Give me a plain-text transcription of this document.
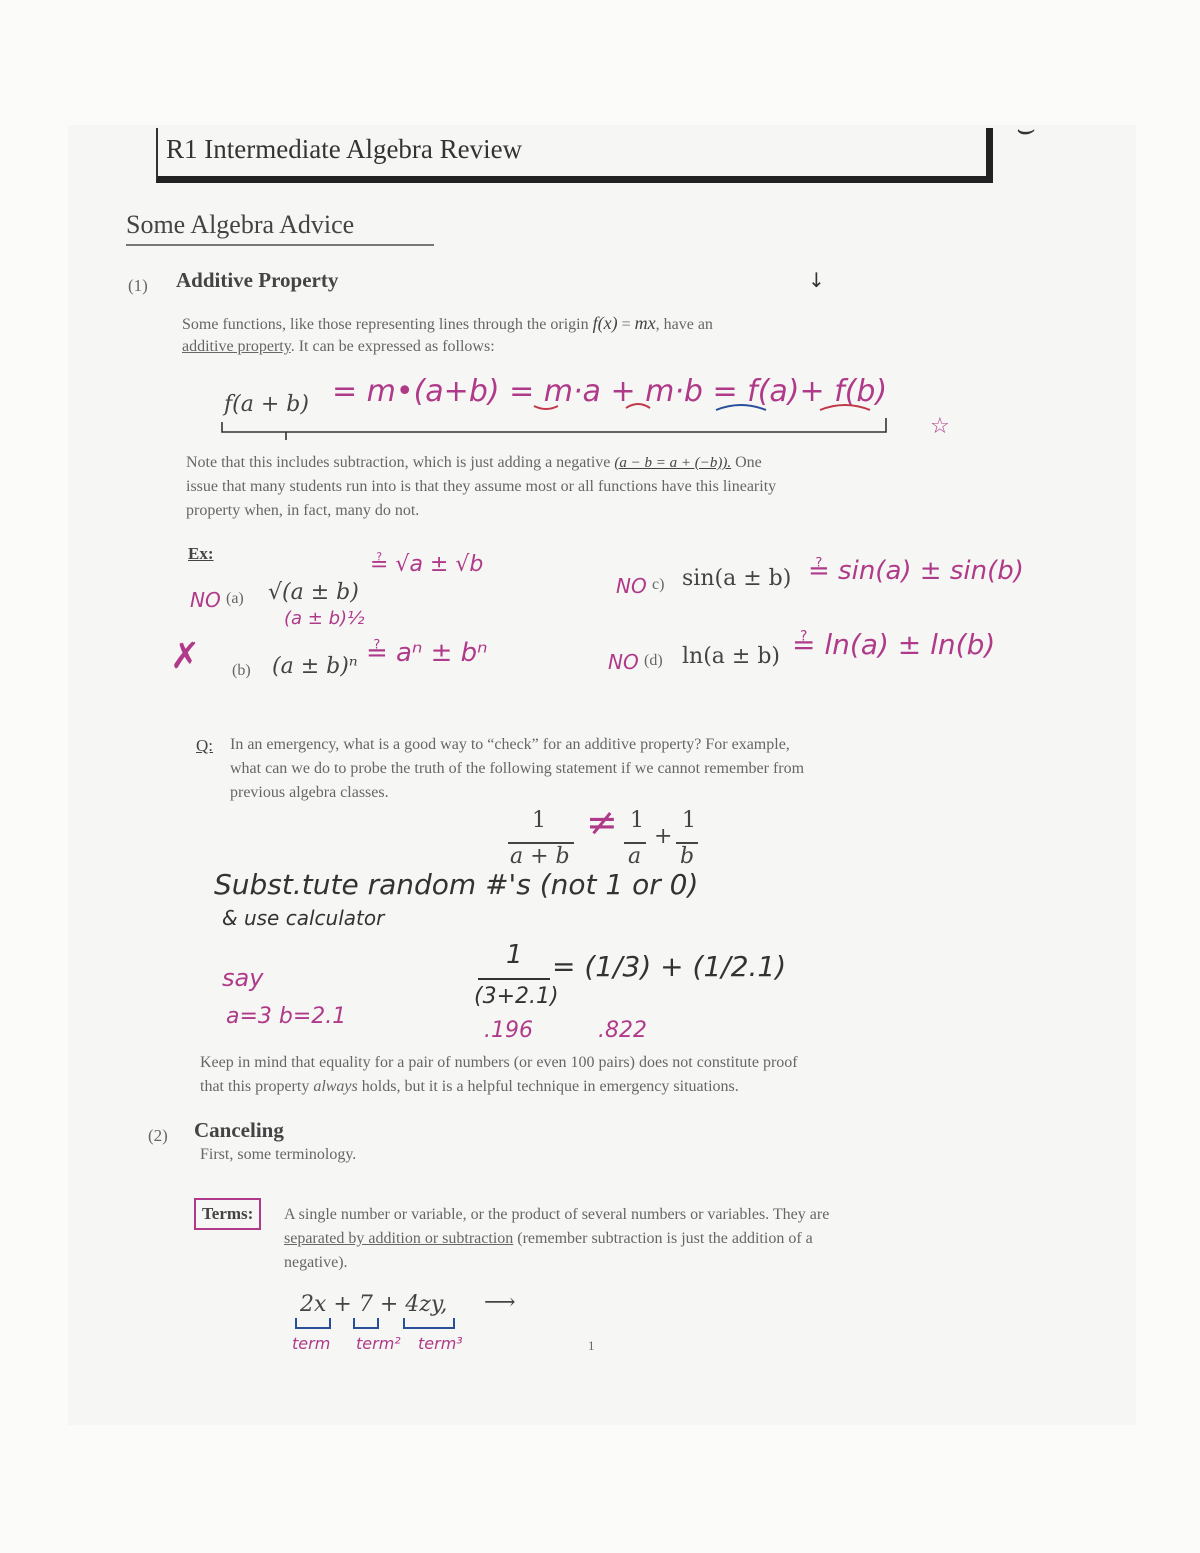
R1 Intermediate Algebra Review
⌣
Some Algebra Advice
(1) Additive Property	↓
Some functions, like those representing lines through the origin f(x) = mx, have an
additive property. It can be expressed as follows:
f(a + b) = m•(a+b) = m·a + m·b = f(a)+ f(b)
☆
Note that this includes subtraction, which is just adding a negative (a − b = a + (−b)). One
issue that many students run into is that they assume most or all functions have this linearity
property when, in fact, many do not.
Ex:
NO (a) √(a ± b)
≟ √a ± √b
(a ± b)½
✗ (b) (a ± b)ⁿ ≟ aⁿ ± bⁿ
NO c) sin(a ± b) ≟ sin(a) ± sin(b)
NO (d) ln(a ± b) ≟ ln(a) ± ln(b)
Q: In an emergency, what is a good way to “check” for an additive property? For example,
what can we do to probe the truth of the following statement if we cannot remember from
previous algebra classes.
1
a + b
≠ 1
a
+
1
b
Subst.tute random #'s (not 1 or 0)
& use calculator
say
a=3 b=2.1
1
(3+2.1)
= (1/3) + (1/2.1)
.196	.822
Keep in mind that equality for a pair of numbers (or even 100 pairs) does not constitute proof
that this property always holds, but it is a helpful technique in emergency situations.
(2) Canceling
First, some terminology.
Terms:	A single number or variable, or the product of several numbers or variables. They are
separated by addition or subtraction (remember subtraction is just the addition of a
negative).
2x + 7 + 4zy, ⟶
term term² term³	1
